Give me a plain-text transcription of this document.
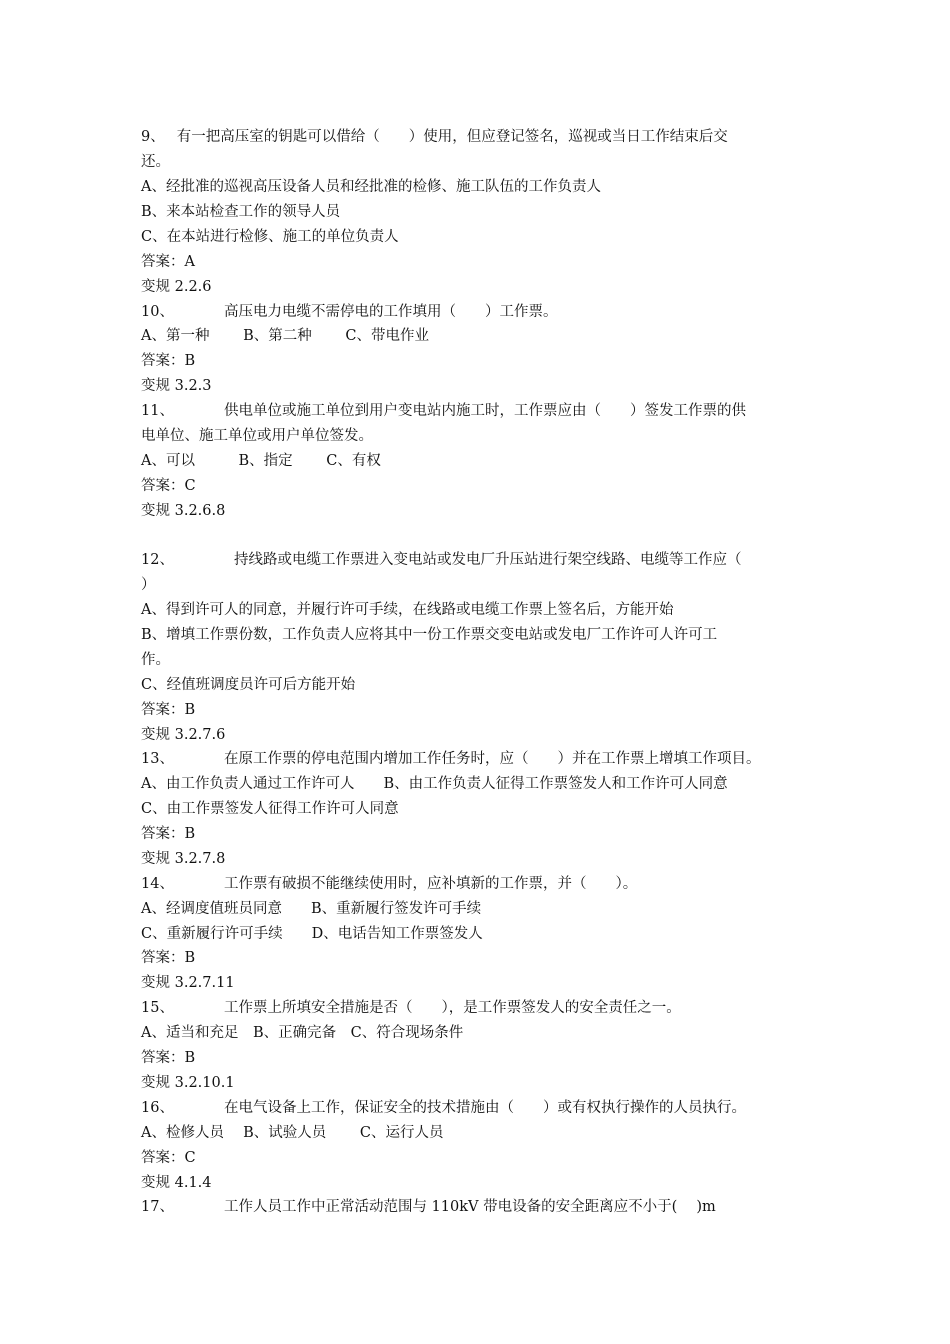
9、 有一把高压室的钥匙可以借给（　　）使用，但应登记签名，巡视或当日工作结束后交
还。
A、经批准的巡视高压设备人员和经批准的检修、施工队伍的工作负责人
B、来本站检查工作的领导人员
C、在本站进行检修、施工的单位负责人
答案：A
变规 2.2.6
10、	高压电力电缆不需停电的工作填用（　　）工作票。
A、第一种　　 B、第二种　　 C、带电作业
答案：B
变规 3.2.3
11、	供电单位或施工单位到用户变电站内施工时，工作票应由（　　）签发工作票的供
电单位、施工单位或用户单位签发。
A、可以　　　B、指定　　 C、有权
答案：C
变规 3.2.6.8
12、	持线路或电缆工作票进入变电站或发电厂升压站进行架空线路、电缆等工作应（
）
A、得到许可人的同意，并履行许可手续，在线路或电缆工作票上签名后，方能开始
B、增填工作票份数，工作负责人应将其中一份工作票交变电站或发电厂工作许可人许可工
作。
C、经值班调度员许可后方能开始
答案：B
变规 3.2.7.6
13、	在原工作票的停电范围内增加工作任务时，应（　　）并在工作票上增填工作项目。
A、由工作负责人通过工作许可人　　B、由工作负责人征得工作票签发人和工作许可人同意
C、由工作票签发人征得工作许可人同意
答案：B
变规 3.2.7.8
14、	工作票有破损不能继续使用时，应补填新的工作票，并（　　）。
A、经调度值班员同意　　B、重新履行签发许可手续
C、重新履行许可手续　　D、电话告知工作票签发人
答案：B
变规 3.2.7.11
15、	工作票上所填安全措施是否（　　），是工作票签发人的安全责任之一。
A、适当和充足　B、正确完备　C、符合现场条件
答案：B
变规 3.2.10.1
16、	在电气设备上工作，保证安全的技术措施由（　　）或有权执行操作的人员执行。
A、检修人员　 B、试验人员　　 C、运行人员
答案：C
变规 4.1.4
17、	工作人员工作中正常活动范围与 110kV 带电设备的安全距离应不小于(　 )m
